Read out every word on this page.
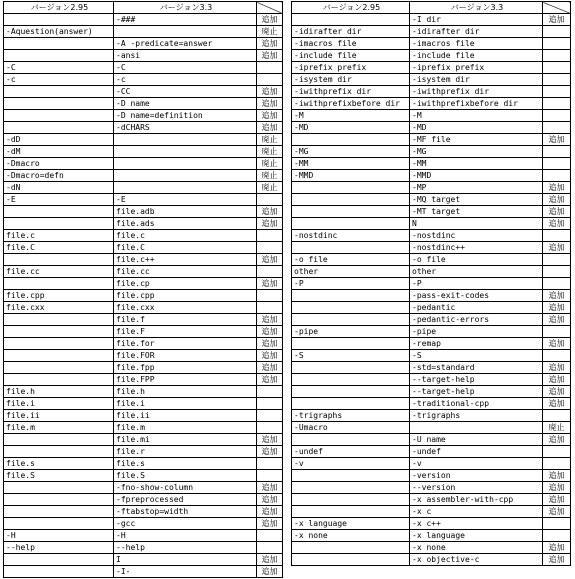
バージョン2.95	バージョン3.3	
	-###	追加
-Aquestion(answer)		廃止
	-A -predicate=answer	追加
	-ansi	追加
-C	-C	
-c	-c	
	-CC	追加
	-D name	追加
	-D name=definition	追加
	-dCHARS	追加
-dD		廃止
-dM		廃止
-Dmacro		廃止
-Dmacro=defn		廃止
-dN		廃止
-E	-E	
	file.adb	追加
	file.ads	追加
file.c	file.c	
file.C	file.C	
	file.c++	追加
file.cc	file.cc	
	file.cp	追加
file.cpp	file.cpp	
file.cxx	file.cxx	
	file.f	追加
	file.F	追加
	file.for	追加
	file.FOR	追加
	file.fpp	追加
	file.FPP	追加
file.h	file.h	
file.i	file.i	
file.ii	file.ii	
file.m	file.m	
	file.mi	追加
	file.r	追加
file.s	file.s	
file.S	file.S	
	-fno-show-column	追加
	-fpreprocessed	追加
	-ftabstop=width	追加
	-gcc	追加
-H	-H	
--help	--help	
	I	追加
	-I-	追加
バージョン2.95	バージョン3.3	
	-I dir	追加
-idirafter dir	-idirafter dir	
-imacros file	-imacros file	
-include file	-include file	
-iprefix prefix	-iprefix prefix	
-isystem dir	-isystem dir	
-iwithprefix dir	-iwithprefix dir	
-iwithprefixbefore dir	-iwithprefixbefore dir	
-M	-M	
-MD	-MD	
	-MF file	追加
-MG	-MG	
-MM	-MM	
-MMD	-MMD	
	-MP	追加
	-MQ target	追加
	-MT target	追加
	N	追加
-nostdinc	-nostdinc	
	-nostdinc++	追加
-o file	-o file	
other	other	
-P	-P	
	-pass-exit-codes	追加
	-pedantic	追加
	-pedantic-errors	追加
-pipe	-pipe	
	-remap	追加
-S	-S	
	-std=standard	追加
	--target-help	追加
	--target-help	追加
	-traditional-cpp	追加
-trigraphs	-trigraphs	
-Umacro		廃止
	-U name	追加
-undef	-undef	
-v	-v	
	-version	追加
	--version	追加
	-x assembler-with-cpp	追加
	-x c	追加
-x language	-x c++	
-x none	-x language	
	-x none	追加
	-x objective-c	追加
